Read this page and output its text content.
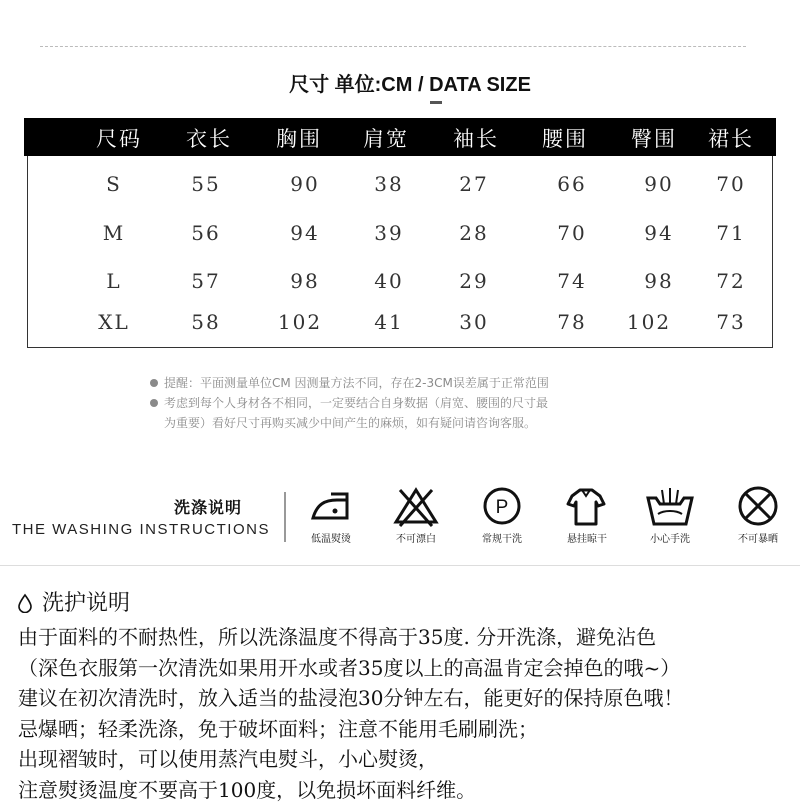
尺寸 单位:CM / DATA SIZE
尺码 衣长 胸围 肩宽 袖长 腰围 臀围 裙长
S	55	90	38	27	66	90 70
M	56	94	39	28	70	94 71
L	57	98	40	29	74	98 72
XL	58	102	41	30	78 102 73
提醒：平面测量单位CM 因测量方法不同，存在2-3CM误差属于正常范围
考虑到每个人身材各不相同，一定要结合自身数据（肩宽、腰围的尺寸最
为重要）看好尺寸再购买减少中间产生的麻烦，如有疑问请咨询客服。
洗涤说明
THE WASHING INSTRUCTIONS
P
低温熨烫	不可漂白	常规干洗	悬挂晾干	小心手洗	不可暴晒
洗护说明
由于面料的不耐热性，所以洗涤温度不得高于35度. 分开洗涤，避免沾色
（深色衣服第一次清洗如果用开水或者35度以上的高温肯定会掉色的哦~）
建议在初次清洗时，放入适当的盐浸泡30分钟左右，能更好的保持原色哦！
忌爆晒；轻柔洗涤，免于破坏面料；注意不能用毛刷刷洗；
出现褶皱时，可以使用蒸汽电熨斗，小心熨烫，
注意熨烫温度不要高于100度，以免损坏面料纤维。
